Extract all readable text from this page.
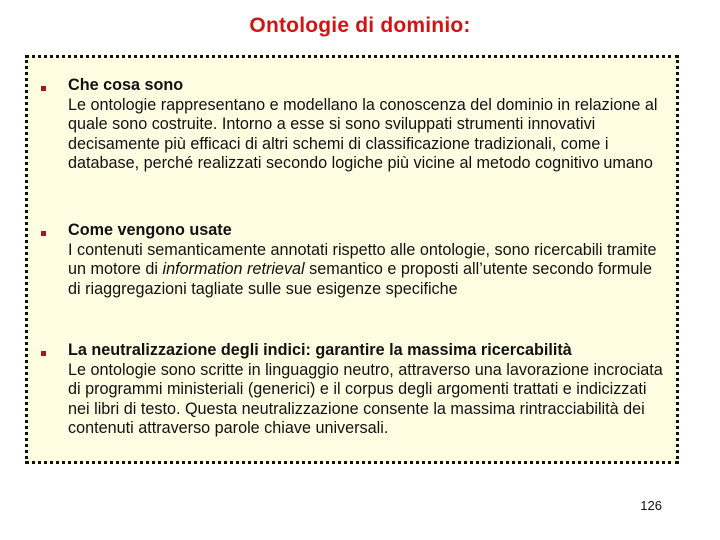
Ontologie di dominio:
Che cosa sono
Le ontologie rappresentano e modellano la conoscenza del dominio in relazione al quale sono costruite. Intorno a esse si sono sviluppati strumenti innovativi decisamente più efficaci di altri schemi di classificazione tradizionali, come i database, perché realizzati secondo logiche più vicine al metodo cognitivo umano
Come vengono usate
I contenuti semanticamente annotati rispetto alle ontologie, sono ricercabili tramite un motore di information retrieval semantico e proposti all’utente secondo formule di riaggregazioni tagliate sulle sue esigenze specifiche
La neutralizzazione degli indici: garantire la massima ricercabilità
Le ontologie sono scritte in linguaggio neutro, attraverso una lavorazione incrociata di programmi ministeriali (generici) e il corpus degli argomenti trattati e indicizzati nei libri di testo. Questa neutralizzazione consente la massima rintracciabilità dei contenuti attraverso parole chiave universali.
126
